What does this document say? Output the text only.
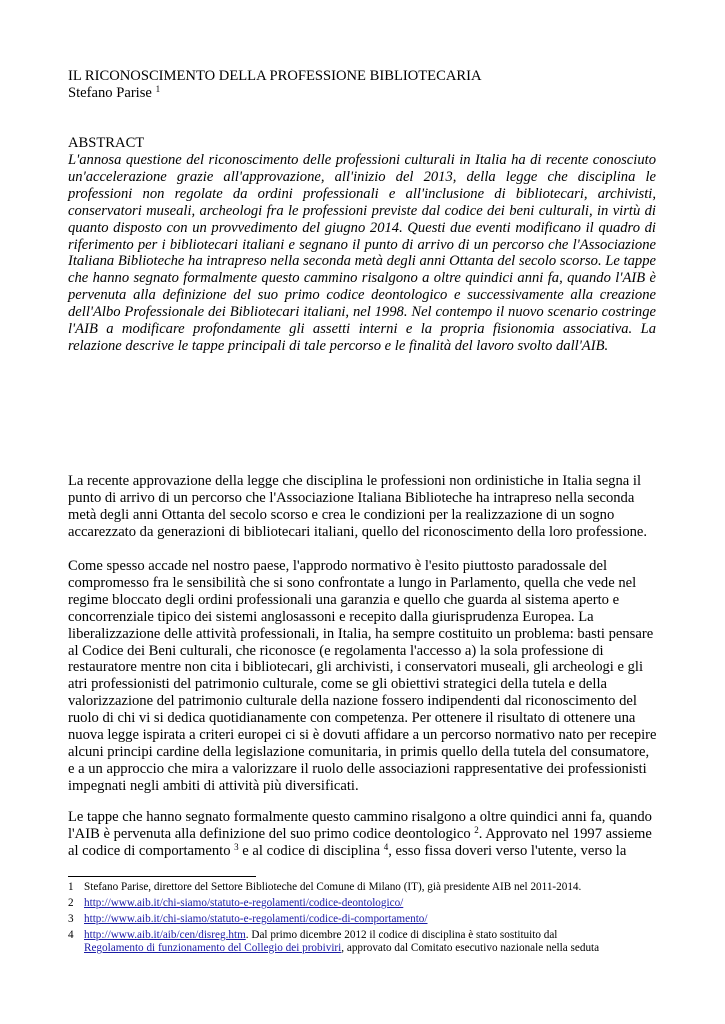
IL RICONOSCIMENTO DELLA PROFESSIONE BIBLIOTECARIA
Stefano Parise $^1$
ABSTRACT
L'annosa questione del riconoscimento delle professioni culturali in Italia ha di recente conosciuto un'accelerazione grazie all'approvazione, all'inizio del 2013, della legge che disciplina le professioni non regolate da ordini professionali e all'inclusione di bibliotecari, archivisti, conservatori museali, archeologi fra le professioni previste dal codice dei beni culturali, in virtù di quanto disposto con un provvedimento del giugno 2014. Questi due eventi modificano il quadro di riferimento per i bibliotecari italiani e segnano il punto di arrivo di un percorso che l'Associazione Italiana Biblioteche ha intrapreso nella seconda metà degli anni Ottanta del secolo scorso. Le tappe che hanno segnato formalmente questo cammino risalgono a oltre quindici anni fa, quando l'AIB è pervenuta alla definizione del suo primo codice deontologico e successivamente alla creazione dell'Albo Professionale dei Bibliotecari italiani, nel 1998. Nel contempo il nuovo scenario costringe l'AIB a modificare profondamente gli assetti interni e la propria fisionomia associativa. La relazione descrive le tappe principali di tale percorso e le finalità del lavoro svolto dall'AIB.
La recente approvazione della legge che disciplina le professioni non ordinistiche in Italia segna il punto di arrivo di un percorso che l'Associazione Italiana Biblioteche ha intrapreso nella seconda metà degli anni Ottanta del secolo scorso e crea le condizioni per la realizzazione di un sogno accarezzato da generazioni di bibliotecari italiani, quello del riconoscimento della loro professione.
Come spesso accade nel nostro paese, l'approdo normativo è l'esito piuttosto paradossale del compromesso fra le sensibilità che si sono confrontate a lungo in Parlamento, quella che vede nel regime bloccato degli ordini professionali una garanzia e quello che guarda al sistema aperto e concorrenziale tipico dei sistemi anglosassoni e recepito dalla giurisprudenza Europea. La liberalizzazione delle attività professionali, in Italia, ha sempre costituito un problema: basti pensare al Codice dei Beni culturali, che riconosce (e regolamenta l'accesso a) la sola professione di restauratore mentre non cita i bibliotecari, gli archivisti, i conservatori museali, gli archeologi e gli atri professionisti del patrimonio culturale, come se gli obiettivi strategici della tutela e della valorizzazione del patrimonio culturale della nazione fossero indipendenti dal riconoscimento del ruolo di chi vi si dedica quotidianamente con competenza. Per ottenere il risultato di ottenere una nuova legge ispirata a criteri europei ci si è dovuti affidare a un percorso normativo nato per recepire alcuni principi cardine della legislazione comunitaria, in primis quello della tutela del consumatore, e a un approccio che mira a valorizzare il ruolo delle associazioni rappresentative dei professionisti impegnati negli ambiti di attività più diversificati.
Le tappe che hanno segnato formalmente questo cammino risalgono a oltre quindici anni fa, quando l'AIB è pervenuta alla definizione del suo primo codice deontologico $^2$. Approvato nel 1997 assieme al codice di comportamento $^3$ e al codice di disciplina $^4$, esso fissa doveri verso l'utente, verso la
1 Stefano Parise, direttore del Settore Biblioteche del Comune di Milano (IT), già presidente AIB nel 2011-2014.
2 http://www.aib.it/chi-siamo/statuto-e-regolamenti/codice-deontologico/
3 http://www.aib.it/chi-siamo/statuto-e-regolamenti/codice-di-comportamento/
4 http://www.aib.it/aib/cen/disreg.htm. Dal primo dicembre 2012 il codice di disciplina è stato sostituito dal
Regolamento di funzionamento del Collegio dei probiviri, approvato dal Comitato esecutivo nazionale nella seduta
